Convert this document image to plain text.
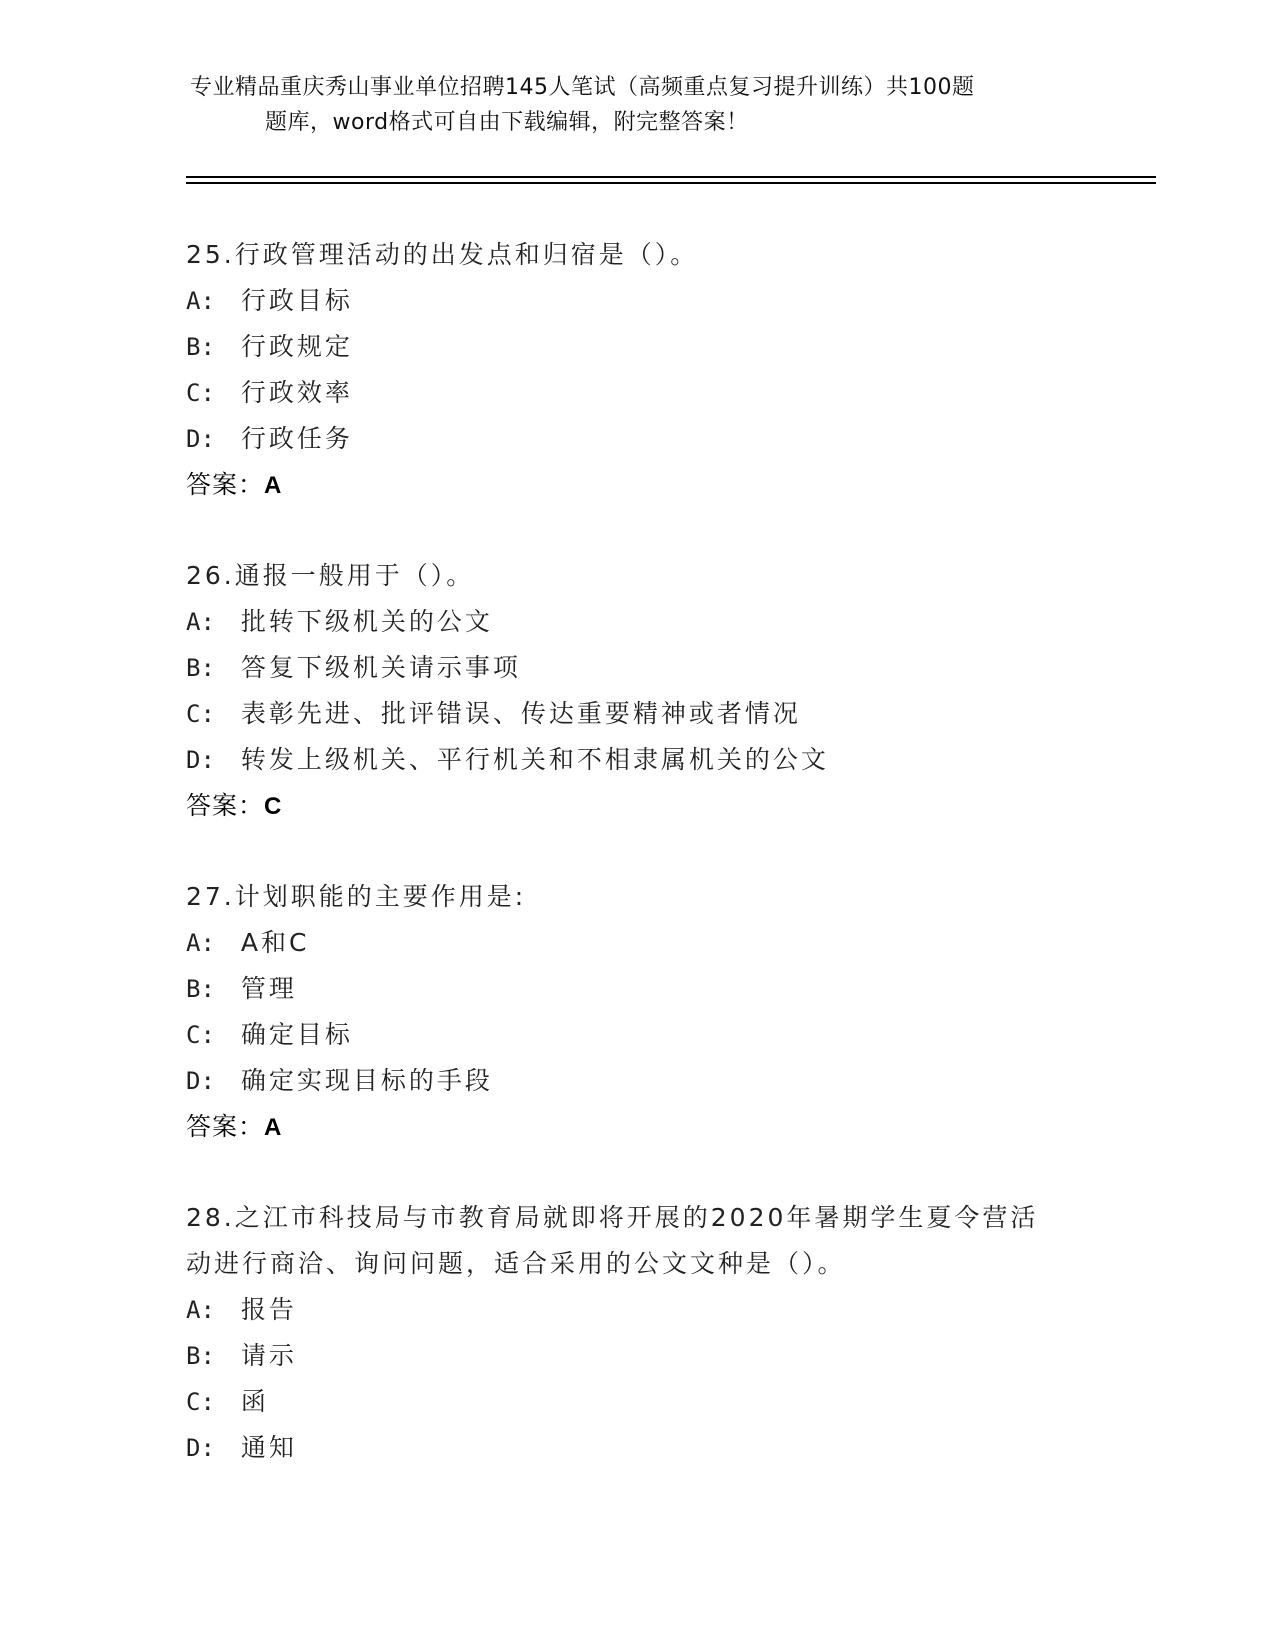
专业精品重庆秀山事业单位招聘145人笔试（高频重点复习提升训练）共100题
题库，word格式可自由下载编辑，附完整答案！
25.行政管理活动的出发点和归宿是（）。
A: 行政目标
B: 行政规定
C: 行政效率
D: 行政任务
答案：A
26.通报一般用于（）。
A: 批转下级机关的公文
B: 答复下级机关请示事项
C: 表彰先进、批评错误、传达重要精神或者情况
D: 转发上级机关、平行机关和不相隶属机关的公文
答案：C
27.计划职能的主要作用是:
A: A和C
B: 管理
C: 确定目标
D: 确定实现目标的手段
答案：A
28.之江市科技局与市教育局就即将开展的2020年暑期学生夏令营活动进行商洽、询问问题，适合采用的公文文种是（）。
A: 报告
B: 请示
C: 函
D: 通知
